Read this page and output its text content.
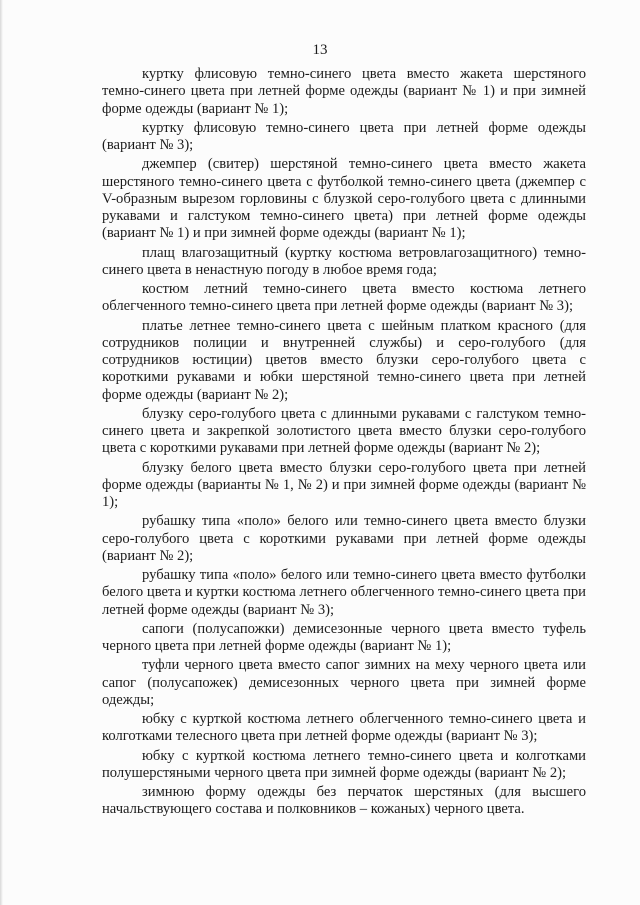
13

куртку флисовую темно-синего цвета вместо жакета шерстяного темно-синего цвета при летней форме одежды (вариант № 1) и при зимней форме одежды (вариант № 1);

куртку флисовую темно-синего цвета при летней форме одежды (вариант № 3);

джемпер (свитер) шерстяной темно-синего цвета вместо жакета шерстяного темно-синего цвета с футболкой темно-синего цвета (джемпер с V-образным вырезом горловины с блузкой серо-голубого цвета с длинными рукавами и галстуком темно-синего цвета) при летней форме одежды (вариант № 1) и при зимней форме одежды (вариант № 1);

плащ влагозащитный (куртку костюма ветровлагозащитного) темно-синего цвета в ненастную погоду в любое время года;

костюм летний темно-синего цвета вместо костюма летнего облегченного темно-синего цвета при летней форме одежды (вариант № 3);

платье летнее темно-синего цвета с шейным платком красного (для сотрудников полиции и внутренней службы) и серо-голубого (для сотрудников юстиции) цветов вместо блузки серо-голубого цвета с короткими рукавами и юбки шерстяной темно-синего цвета при летней форме одежды (вариант № 2);

блузку серо-голубого цвета с длинными рукавами с галстуком темно-синего цвета и закрепкой золотистого цвета вместо блузки серо-голубого цвета с короткими рукавами при летней форме одежды (вариант № 2);

блузку белого цвета вместо блузки серо-голубого цвета при летней форме одежды (варианты № 1, № 2) и при зимней форме одежды (вариант № 1);

рубашку типа «поло» белого или темно-синего цвета вместо блузки серо-голубого цвета с короткими рукавами при летней форме одежды (вариант № 2);

рубашку типа «поло» белого или темно-синего цвета вместо футболки белого цвета и куртки костюма летнего облегченного темно-синего цвета при летней форме одежды (вариант № 3);

сапоги (полусапожки) демисезонные черного цвета вместо туфель черного цвета при летней форме одежды (вариант № 1);

туфли черного цвета вместо сапог зимних на меху черного цвета или сапог (полусапожек) демисезонных черного цвета при зимней форме одежды;

юбку с курткой костюма летнего облегченного темно-синего цвета и колготками телесного цвета при летней форме одежды (вариант № 3);

юбку с курткой костюма летнего темно-синего цвета и колготками полушерстяными черного цвета при зимней форме одежды (вариант № 2);

зимнюю форму одежды без перчаток шерстяных (для высшего начальствующего состава и полковников – кожаных) черного цвета.
